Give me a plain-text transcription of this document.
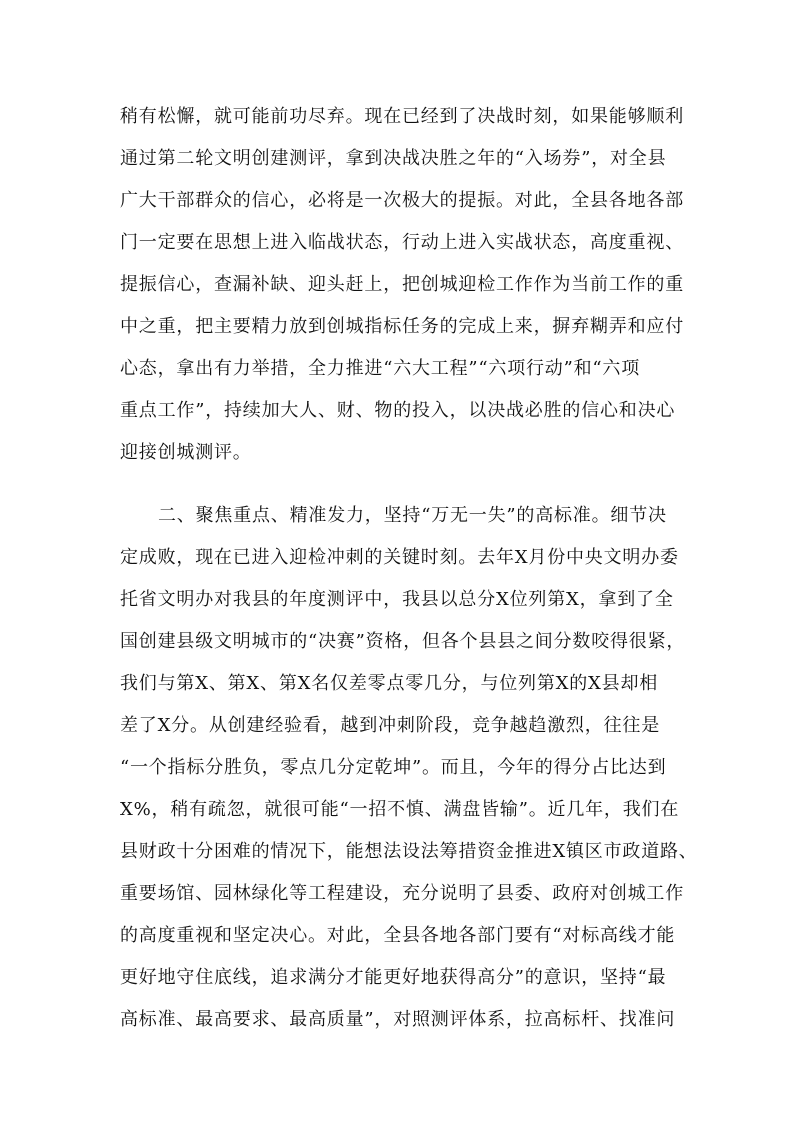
稍有松懈，就可能前功尽弃。现在已经到了决战时刻，如果能够顺利
通过第二轮文明创建测评，拿到决战决胜之年的“入场券”，对全县
广大干部群众的信心，必将是一次极大的提振。对此，全县各地各部
门一定要在思想上进入临战状态，行动上进入实战状态，高度重视、
提振信心，查漏补缺、迎头赶上，把创城迎检工作作为当前工作的重
中之重，把主要精力放到创城指标任务的完成上来，摒弃糊弄和应付
心态，拿出有力举措，全力推进“六大工程”“六项行动”和“六项
重点工作”，持续加大人、财、物的投入，以决战必胜的信心和决心
迎接创城测评。
二、聚焦重点、精准发力，坚持“万无一失”的高标准。细节决
定成败，现在已进入迎检冲刺的关键时刻。去年X月份中央文明办委
托省文明办对我县的年度测评中，我县以总分X位列第X，拿到了全
国创建县级文明城市的“决赛”资格，但各个县县之间分数咬得很紧，
我们与第X、第X、第X名仅差零点零几分，与位列第X的X县却相
差了X分。从创建经验看，越到冲刺阶段，竞争越趋激烈，往往是
“一个指标分胜负，零点几分定乾坤”。而且，今年的得分占比达到
X%，稍有疏忽，就很可能“一招不慎、满盘皆输”。近几年，我们在
县财政十分困难的情况下，能想法设法筹措资金推进X镇区市政道路、
重要场馆、园林绿化等工程建设，充分说明了县委、政府对创城工作
的高度重视和坚定决心。对此，全县各地各部门要有“对标高线才能
更好地守住底线，追求满分才能更好地获得高分”的意识，坚持“最
高标准、最高要求、最高质量”，对照测评体系，拉高标杆、找准问
